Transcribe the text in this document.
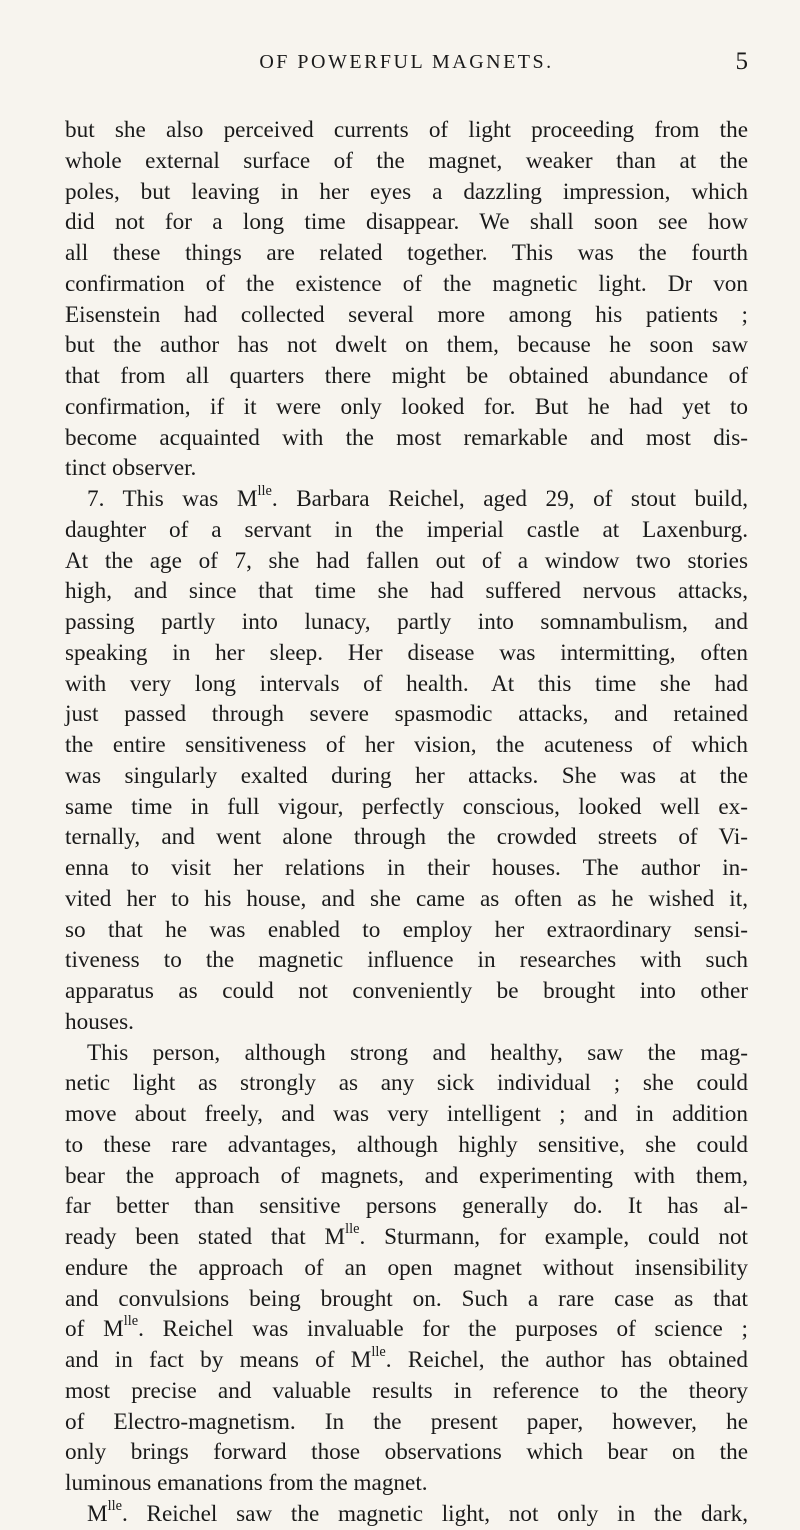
OF POWERFUL MAGNETS.	5
but she also perceived currents of light proceeding from the
whole external surface of the magnet, weaker than at the
poles, but leaving in her eyes a dazzling impression, which
did not for a long time disappear. We shall soon see how
all these things are related together. This was the fourth
confirmation of the existence of the magnetic light. Dr von
Eisenstein had collected several more among his patients ;
but the author has not dwelt on them, because he soon saw
that from all quarters there might be obtained abundance of
confirmation, if it were only looked for. But he had yet to
become acquainted with the most remarkable and most dis-
tinct observer.
7. This was $M^{lle}$. Barbara Reichel, aged 29, of stout build,
daughter of a servant in the imperial castle at Laxenburg.
At the age of 7, she had fallen out of a window two stories
high, and since that time she had suffered nervous attacks,
passing partly into lunacy, partly into somnambulism, and
speaking in her sleep. Her disease was intermitting, often
with very long intervals of health. At this time she had
just passed through severe spasmodic attacks, and retained
the entire sensitiveness of her vision, the acuteness of which
was singularly exalted during her attacks. She was at the
same time in full vigour, perfectly conscious, looked well ex-
ternally, and went alone through the crowded streets of Vi-
enna to visit her relations in their houses. The author in-
vited her to his house, and she came as often as he wished it,
so that he was enabled to employ her extraordinary sensi-
tiveness to the magnetic influence in researches with such
apparatus as could not conveniently be brought into other
houses.
This person, although strong and healthy, saw the mag-
netic light as strongly as any sick individual ; she could
move about freely, and was very intelligent ; and in addition
to these rare advantages, although highly sensitive, she could
bear the approach of magnets, and experimenting with them,
far better than sensitive persons generally do. It has al-
ready been stated that $M^{lle}$. Sturmann, for example, could not
endure the approach of an open magnet without insensibility
and convulsions being brought on. Such a rare case as that
of $M^{lle}$. Reichel was invaluable for the purposes of science ;
and in fact by means of $M^{lle}$. Reichel, the author has obtained
most precise and valuable results in reference to the theory
of Electro-magnetism. In the present paper, however, he
only brings forward those observations which bear on the
luminous emanations from the magnet.
$M^{lle}$. Reichel saw the magnetic light, not only in the dark,
